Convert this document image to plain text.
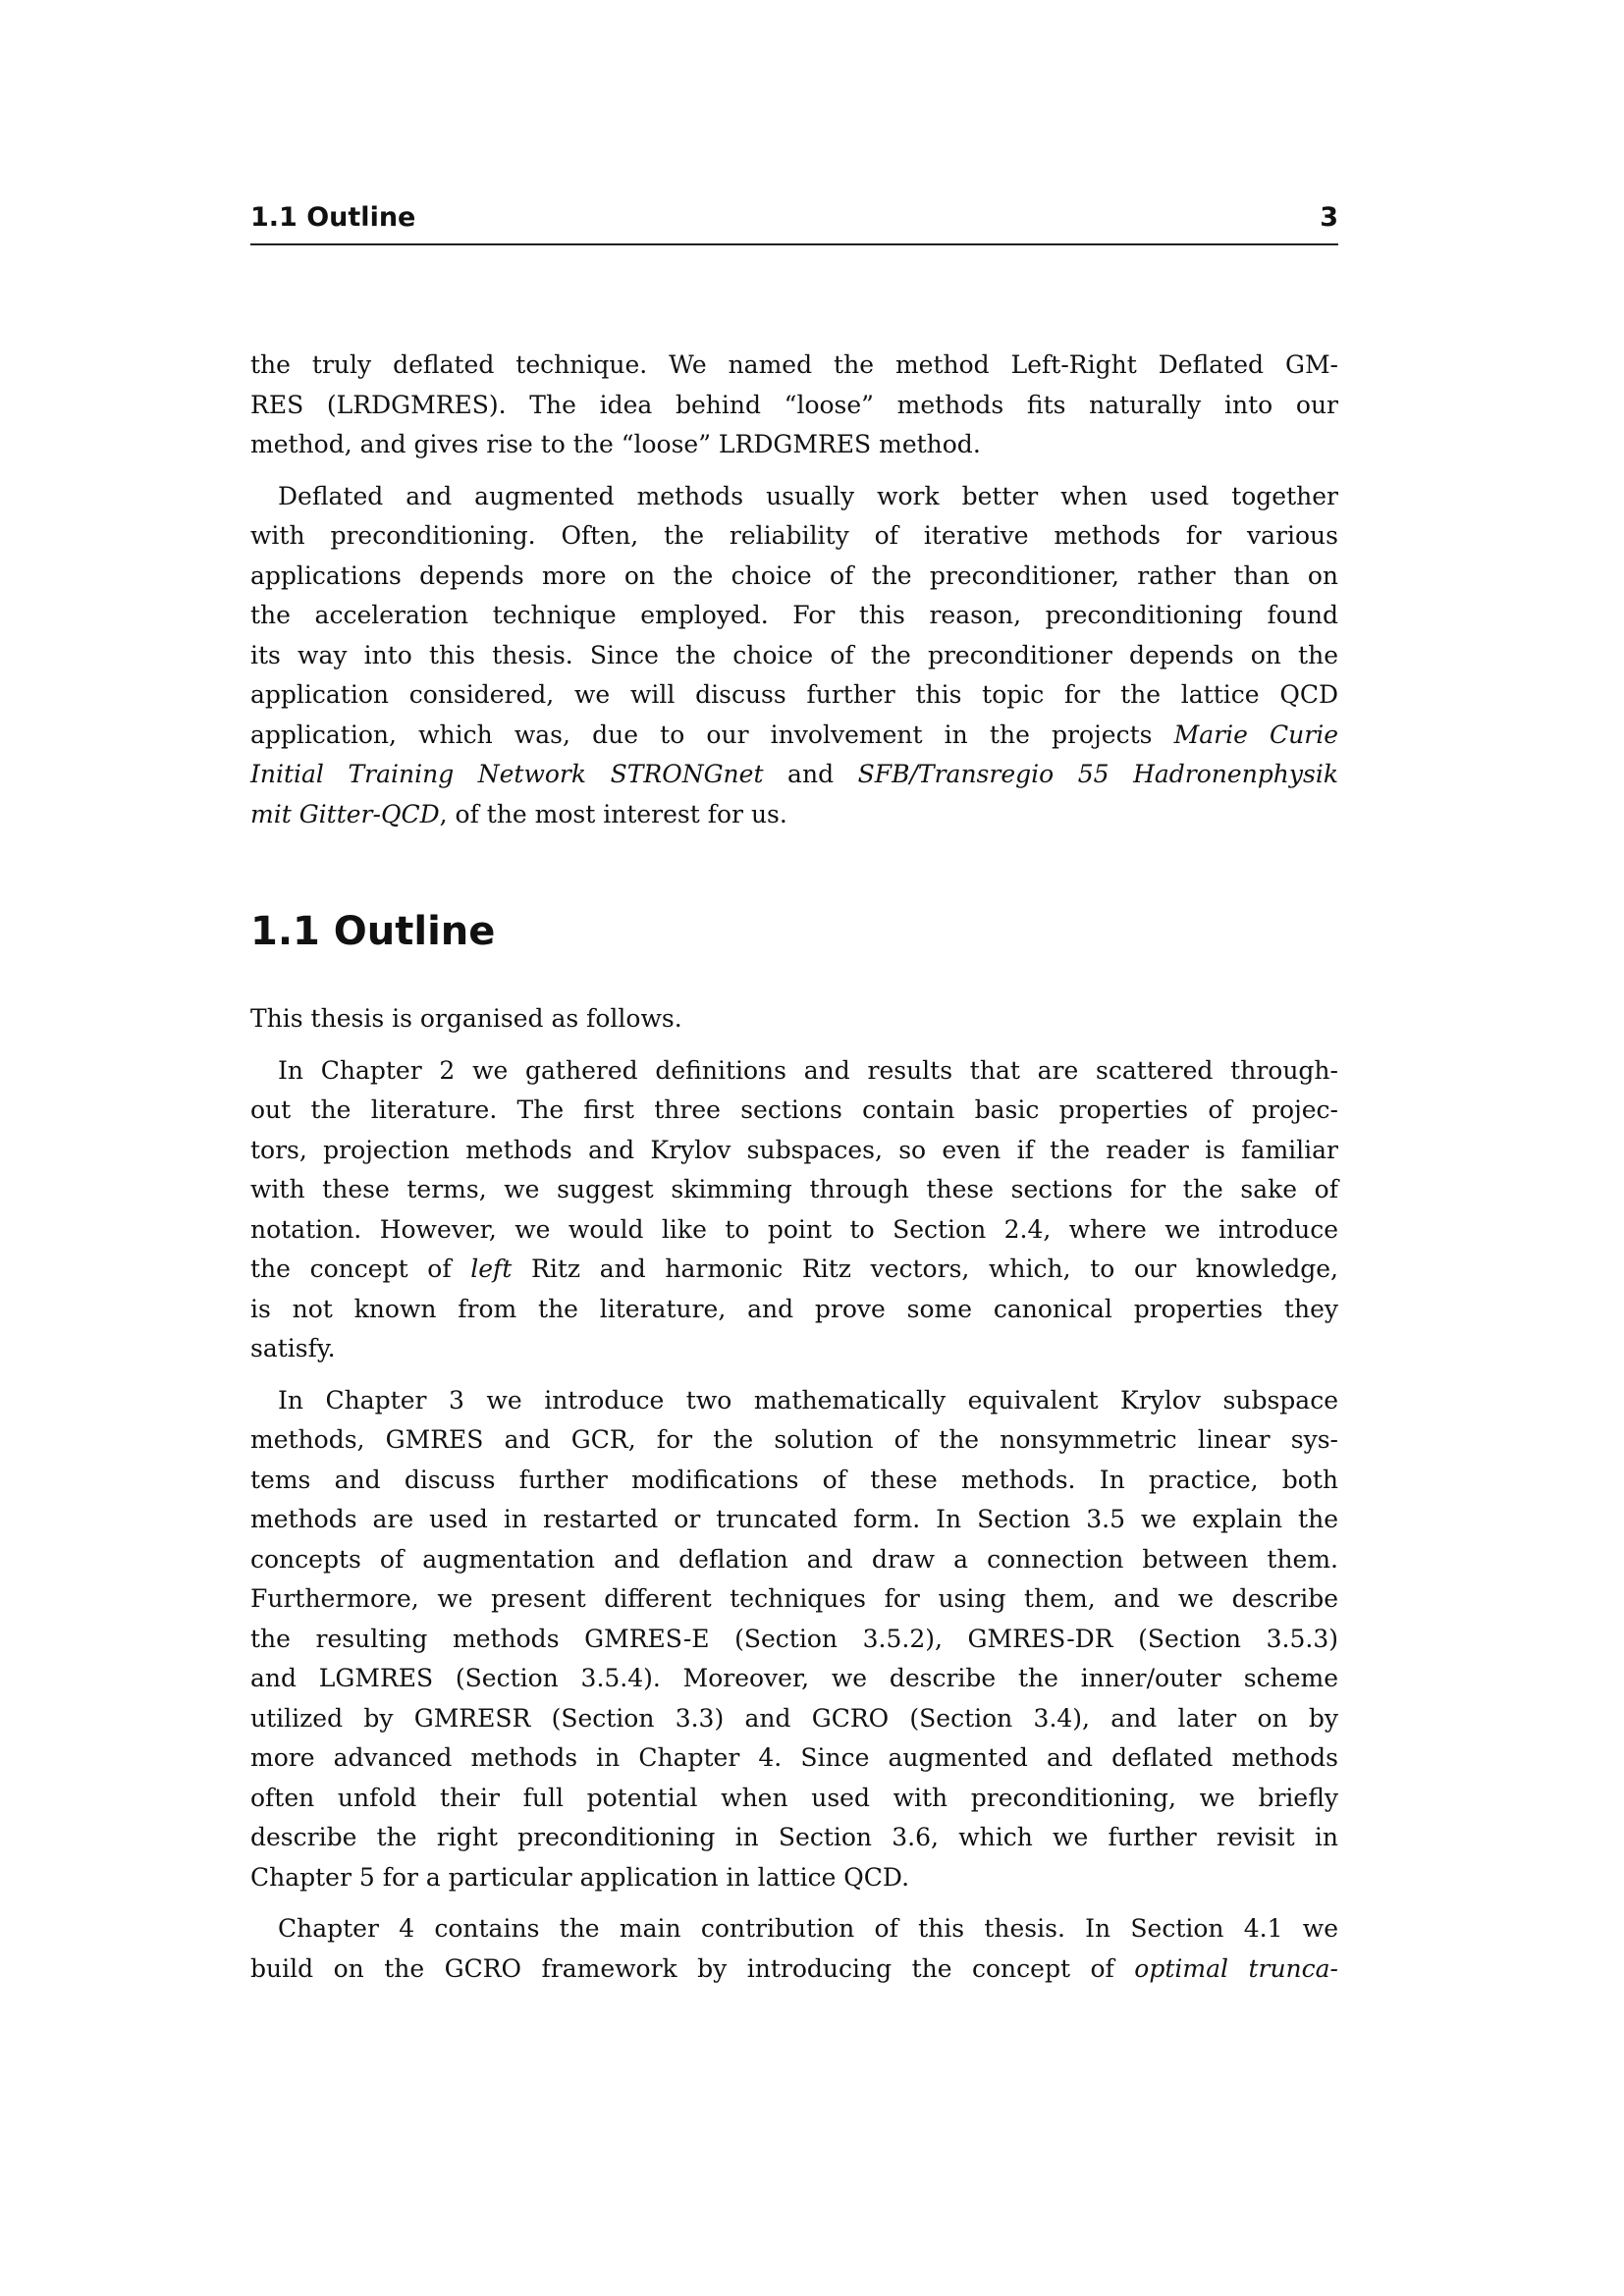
1.1 Outline	3
the truly deflated technique. We named the method Left-Right Deflated GM-
RES (LRDGMRES). The idea behind “loose” methods fits naturally into our
method, and gives rise to the “loose” LRDGMRES method.
Deflated and augmented methods usually work better when used together
with preconditioning. Often, the reliability of iterative methods for various
applications depends more on the choice of the preconditioner, rather than on
the acceleration technique employed. For this reason, preconditioning found
its way into this thesis. Since the choice of the preconditioner depends on the
application considered, we will discuss further this topic for the lattice QCD
application, which was, due to our involvement in the projects Marie Curie
Initial Training Network STRONGnet and SFB/Transregio 55 Hadronenphysik
mit Gitter-QCD, of the most interest for us.
1.1 Outline
This thesis is organised as follows.
In Chapter 2 we gathered definitions and results that are scattered through-
out the literature. The first three sections contain basic properties of projec-
tors, projection methods and Krylov subspaces, so even if the reader is familiar
with these terms, we suggest skimming through these sections for the sake of
notation. However, we would like to point to Section 2.4, where we introduce
the concept of left Ritz and harmonic Ritz vectors, which, to our knowledge,
is not known from the literature, and prove some canonical properties they
satisfy.
In Chapter 3 we introduce two mathematically equivalent Krylov subspace
methods, GMRES and GCR, for the solution of the nonsymmetric linear sys-
tems and discuss further modifications of these methods. In practice, both
methods are used in restarted or truncated form. In Section 3.5 we explain the
concepts of augmentation and deflation and draw a connection between them.
Furthermore, we present different techniques for using them, and we describe
the resulting methods GMRES-E (Section 3.5.2), GMRES-DR (Section 3.5.3)
and LGMRES (Section 3.5.4). Moreover, we describe the inner/outer scheme
utilized by GMRESR (Section 3.3) and GCRO (Section 3.4), and later on by
more advanced methods in Chapter 4. Since augmented and deflated methods
often unfold their full potential when used with preconditioning, we briefly
describe the right preconditioning in Section 3.6, which we further revisit in
Chapter 5 for a particular application in lattice QCD.
Chapter 4 contains the main contribution of this thesis. In Section 4.1 we
build on the GCRO framework by introducing the concept of optimal trunca-
